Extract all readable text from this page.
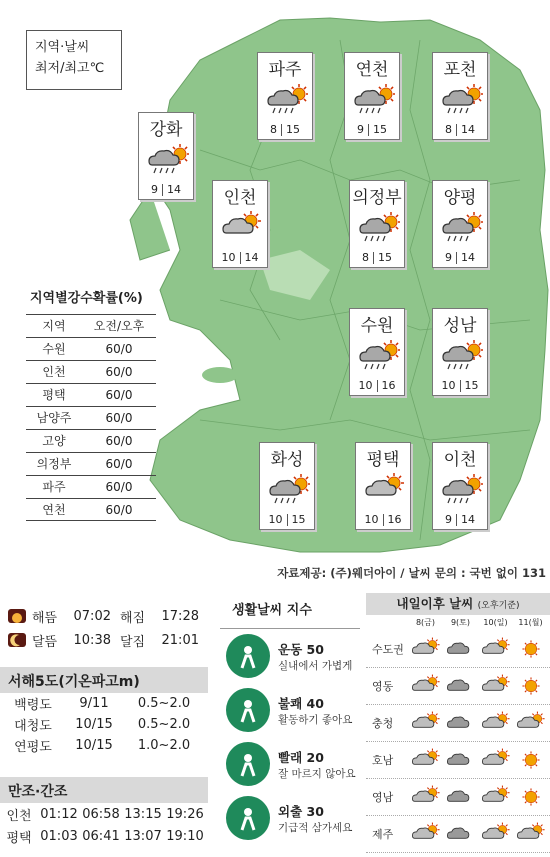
지역·날씨
최저/최고℃	파주
8 15
연천
9 15
포천
8 14
강화
9 14	인천
10 14
의정부
8 15
양평
9 14
수원
10 16
성남
10 15
화성
10 15
평택
10 16
이천
9 14
지역별강수확률(%)
지역	오전/오후
수원	60/0
인천	60/0
평택	60/0
남양주	60/0
고양	60/0
의정부	60/0
파주	60/0
연천	60/0
자료제공: (주)웨더아이 / 날씨 문의 : 국번 없이 131
해뜸	07:02 해짐	17:28
달뜸	10:38 달짐	21:01
서해5도(기온파고m)
백령도	9/11	0.5~2.0
대청도	10/15	0.5~2.0
연평도	10/15	1.0~2.0
만조·간조
인천 01:12 06:58 13:15 19:26
평택 01:03 06:41 13:07 19:10
생활날씨 지수
운동 50
실내에서 가볍게
불쾌 40
활동하기 좋아요
빨래 20
잘 마르지 않아요
외출 30
기급적 삼가세요
내일이후 날씨 (오후기준)
8(금)	9(토)	10(일)	11(월)
수도권
영동
충청
호남
영남
제주
